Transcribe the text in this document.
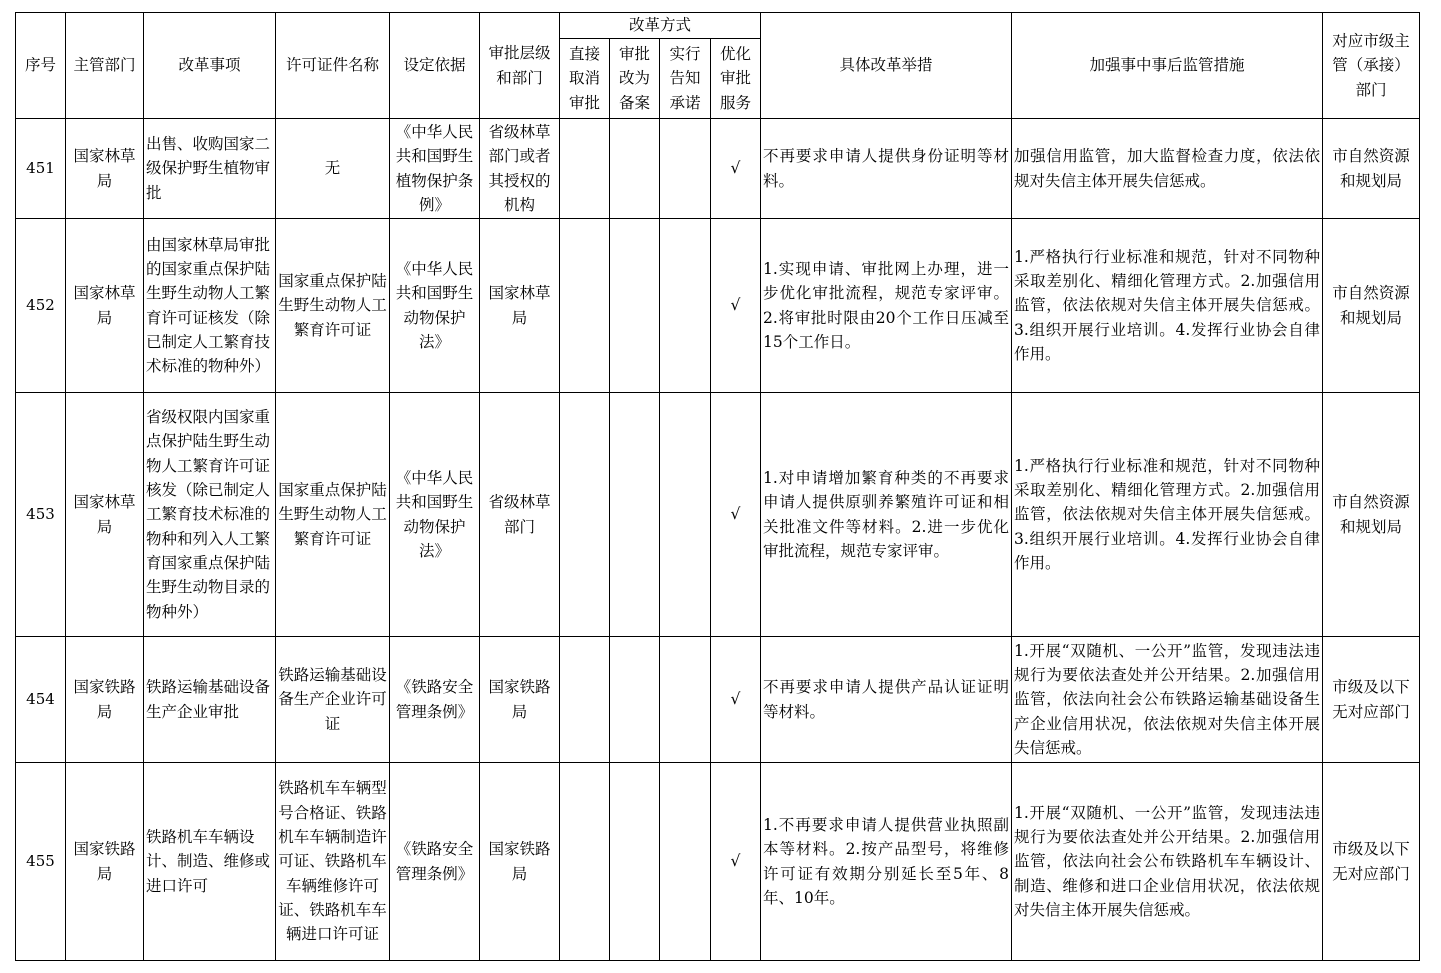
序号	主管部门	改革事项	许可证件名称	设定依据	审批层级和部门	改革方式				具体改革举措	加强事中事后监管措施	对应市级主管（承接）部门
						直接取消审批	审批改为备案	实行告知承诺	优化审批服务			
451	国家林草局	出售、收购国家二级保护野生植物审批	无	《中华人民共和国野生植物保护条例》	省级林草部门或者其授权的机构				√	不再要求申请人提供身份证明等材料。	加强信用监管，加大监督检查力度，依法依规对失信主体开展失信惩戒。	市自然资源和规划局
452	国家林草局	由国家林草局审批的国家重点保护陆生野生动物人工繁育许可证核发（除已制定人工繁育技术标准的物种外）	国家重点保护陆生野生动物人工繁育许可证	《中华人民共和国野生动物保护法》	国家林草局				√	1.实现申请、审批网上办理，进一步优化审批流程，规范专家评审。2.将审批时限由20个工作日压减至15个工作日。	1.严格执行行业标准和规范，针对不同物种采取差别化、精细化管理方式。2.加强信用监管，依法依规对失信主体开展失信惩戒。3.组织开展行业培训。4.发挥行业协会自律作用。	市自然资源和规划局
453	国家林草局	省级权限内国家重点保护陆生野生动物人工繁育许可证核发（除已制定人工繁育技术标准的物种和列入人工繁育国家重点保护陆生野生动物目录的物种外）	国家重点保护陆生野生动物人工繁育许可证	《中华人民共和国野生动物保护法》	省级林草部门				√	1.对申请增加繁育种类的不再要求申请人提供原驯养繁殖许可证和相关批准文件等材料。2.进一步优化审批流程，规范专家评审。	1.严格执行行业标准和规范，针对不同物种采取差别化、精细化管理方式。2.加强信用监管，依法依规对失信主体开展失信惩戒。3.组织开展行业培训。4.发挥行业协会自律作用。	市自然资源和规划局
454	国家铁路局	铁路运输基础设备生产企业审批	铁路运输基础设备生产企业许可证	《铁路安全管理条例》	国家铁路局				√	不再要求申请人提供产品认证证明等材料。	1.开展“双随机、一公开”监管，发现违法违规行为要依法查处并公开结果。2.加强信用监管，依法向社会公布铁路运输基础设备生产企业信用状况，依法依规对失信主体开展失信惩戒。	市级及以下无对应部门
455	国家铁路局	铁路机车车辆设计、制造、维修或进口许可	铁路机车车辆型号合格证、铁路机车车辆制造许可证、铁路机车车辆维修许可证、铁路机车车辆进口许可证	《铁路安全管理条例》	国家铁路局				√	1.不再要求申请人提供营业执照副本等材料。2.按产品型号，将维修许可证有效期分别延长至5年、8年、10年。	1.开展“双随机、一公开”监管，发现违法违规行为要依法查处并公开结果。2.加强信用监管，依法向社会公布铁路机车车辆设计、制造、维修和进口企业信用状况，依法依规对失信主体开展失信惩戒。	市级及以下无对应部门
